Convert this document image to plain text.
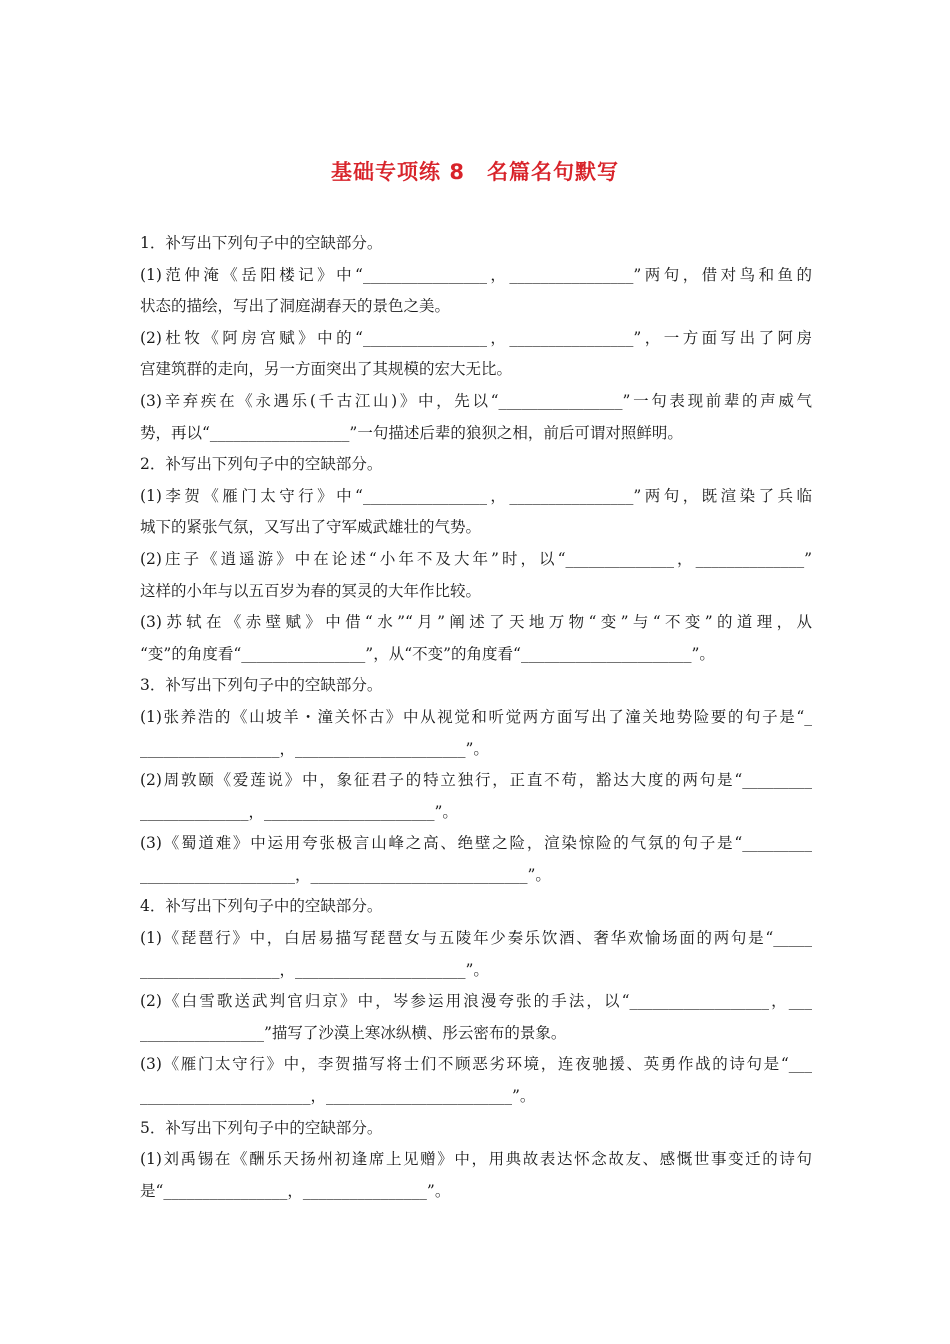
基础专项练 8　名篇名句默写
1．补写出下列句子中的空缺部分。
(1)范仲淹《岳阳楼记》中“________________，________________”两句，借对鸟和鱼的
状态的描绘，写出了洞庭湖春天的景色之美。
(2)杜牧《阿房宫赋》中的“________________，________________”，一方面写出了阿房
宫建筑群的走向，另一方面突出了其规模的宏大无比。
(3)辛弃疾在《永遇乐(千古江山)》中，先以“________________”一句表现前辈的声威气
势，再以“__________________”一句描述后辈的狼狈之相，前后可谓对照鲜明。
2．补写出下列句子中的空缺部分。
(1)李贺《雁门太守行》中“________________，________________”两句，既渲染了兵临
城下的紧张气氛，又写出了守军威武雄壮的气势。
(2)庄子《逍遥游》中在论述“小年不及大年”时，以“______________，______________”
这样的小年与以五百岁为春的冥灵的大年作比较。
(3)苏轼在《赤壁赋》中借“水”“月”阐述了天地万物“变”与“不变”的道理，从
“变”的角度看“________________”，从“不变”的角度看“______________________”。
3．补写出下列句子中的空缺部分。
(1)张养浩的《山坡羊・潼关怀古》中从视觉和听觉两方面写出了潼关地势险要的句子是“_
__________________，______________________”。
(2)周敦颐《爱莲说》中，象征君子的特立独行，正直不苟，豁达大度的两句是“_________
______________，______________________”。
(3)《蜀道难》中运用夸张极言山峰之高、绝壁之险，渲染惊险的气氛的句子是“_________
____________________，____________________________”。
4．补写出下列句子中的空缺部分。
(1)《琵琶行》中，白居易描写琵琶女与五陵年少奏乐饮酒、奢华欢愉场面的两句是“_____
__________________，______________________”。
(2)《白雪歌送武判官归京》中，岑参运用浪漫夸张的手法，以“__________________，___
________________”描写了沙漠上寒冰纵横、彤云密布的景象。
(3)《雁门太守行》中，李贺描写将士们不顾恶劣环境，连夜驰援、英勇作战的诗句是“___
______________________，________________________”。
5．补写出下列句子中的空缺部分。
(1)刘禹锡在《酬乐天扬州初逢席上见赠》中，用典故表达怀念故友、感慨世事变迁的诗句
是“________________，________________”。
